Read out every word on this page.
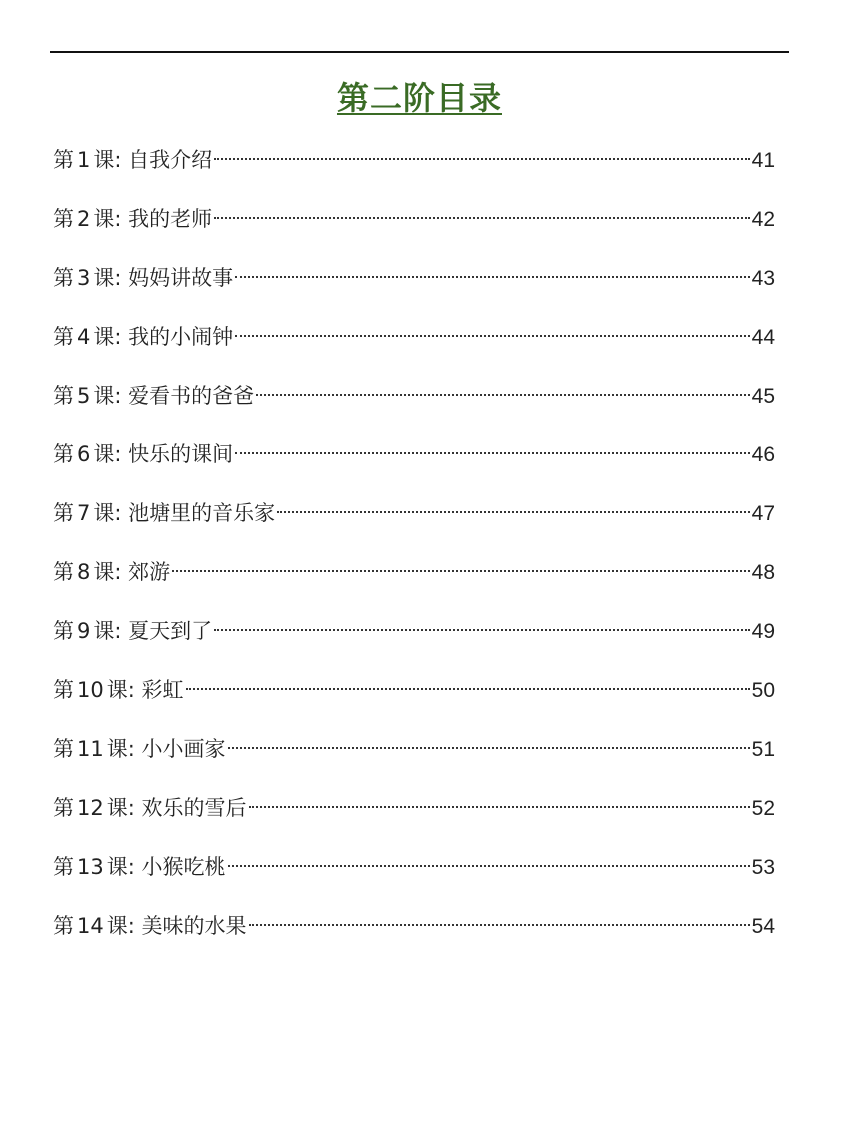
第二阶目录
第 1 课: 自我介绍	41
第 2 课: 我的老师	42
第 3 课: 妈妈讲故事	43
第 4 课: 我的小闹钟	44
第 5 课: 爱看书的爸爸	45
第 6 课: 快乐的课间	46
第 7 课: 池塘里的音乐家	47
第 8 课: 郊游	48
第 9 课: 夏天到了	49
第 10 课: 彩虹	50
第 11 课: 小小画家	51
第 12 课: 欢乐的雪后	52
第 13 课: 小猴吃桃	53
第 14 课: 美味的水果	54
